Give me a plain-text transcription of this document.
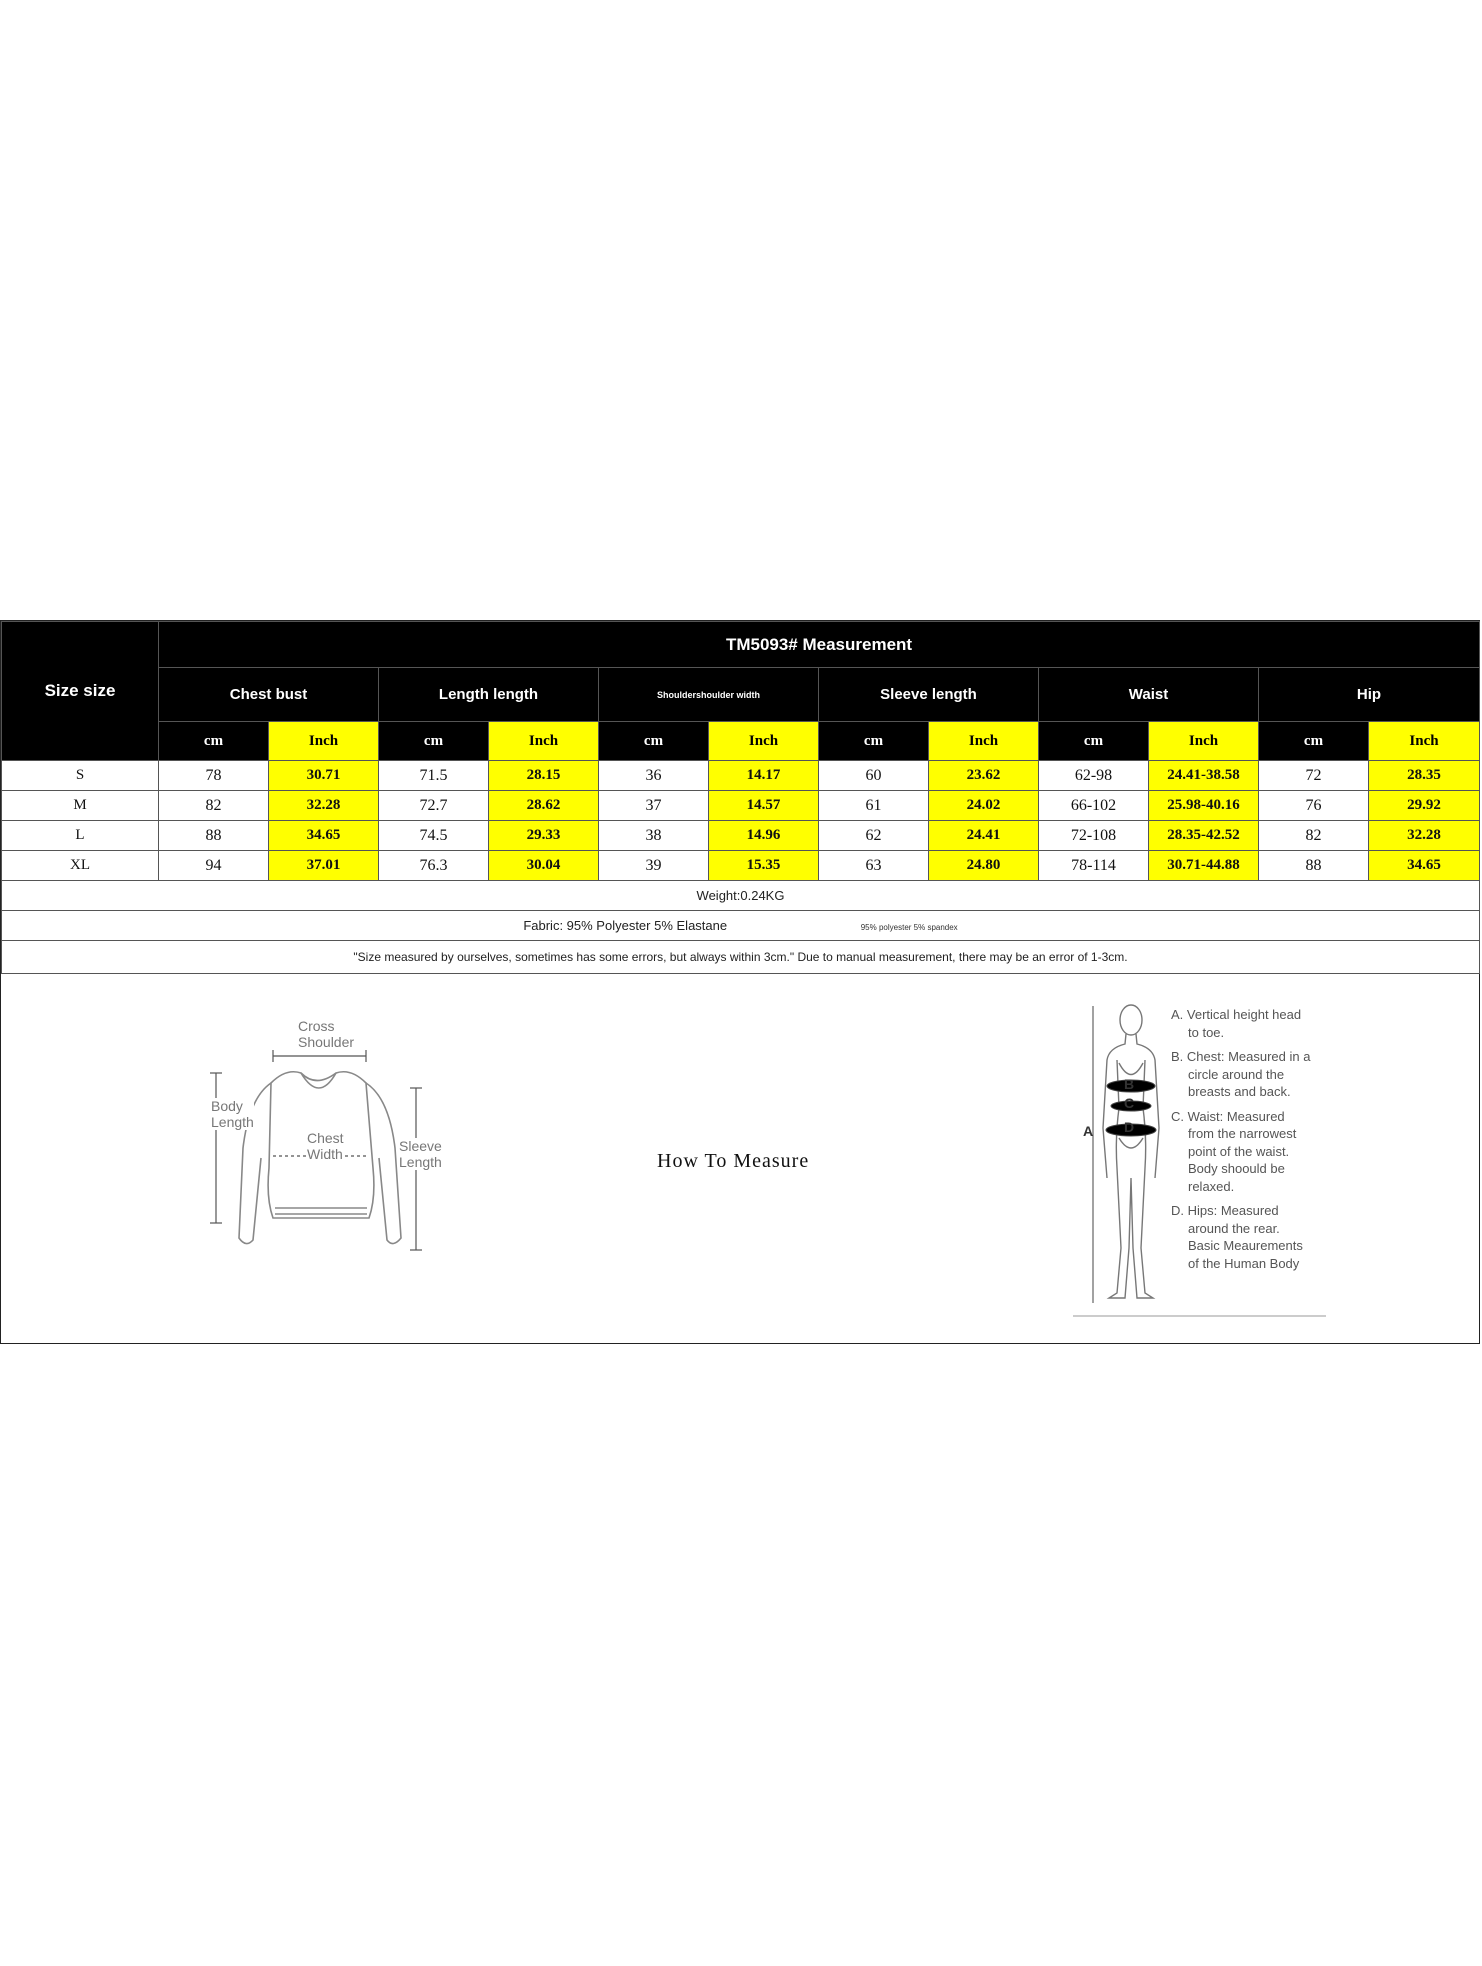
Size size	TM5093# Measurement											
	Chest bust		Length length		Shouldershoulder width		Sleeve length		Waist		Hip	
	cm	Inch	cm	Inch	cm	Inch	cm	Inch	cm	Inch	cm	Inch
S	78	30.71	71.5	28.15	36	14.17	60	23.62	62-98	24.41-38.58	72	28.35
M	82	32.28	72.7	28.62	37	14.57	61	24.02	66-102	25.98-40.16	76	29.92
L	88	34.65	74.5	29.33	38	14.96	62	24.41	72-108	28.35-42.52	82	32.28
XL	94	37.01	76.3	30.04	39	15.35	63	24.80	78-114	30.71-44.88	88	34.65
Weight:0.24KG												
Fabric: 95% Polyester 5% Elastane 95% polyester 5% spandex												
"Size measured by ourselves, sometimes has some errors, but always within 3cm." Due to manual measurement, there may be an error of 1-3cm.												
Cross
Shoulder
Body
Length
Chest
Width	Sleeve
Length	How To Measure
A
B
C
D
A. Vertical height head
to toe.
B. Chest: Measured in a
circle around the
breasts and back.
C. Waist: Measured
from the narrowest
point of the waist.
Body shoould be
relaxed.
D. Hips: Measured
around the rear.
Basic Meaurements
of the Human Body
